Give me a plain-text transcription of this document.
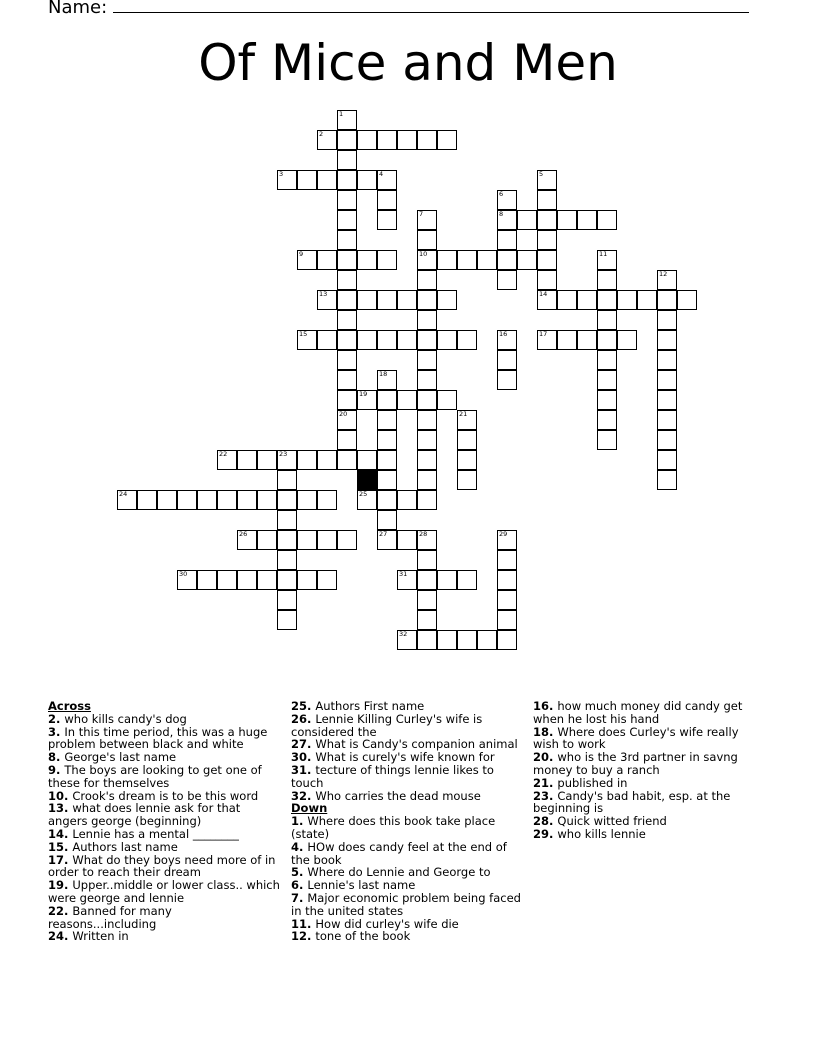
Name:
Of Mice and Men
1
20
2
3	4	5
14
6
8
7
10
9	11
12
13
15	16	17
18
27
19
21
22	23
24	25
26	28	29
30	31
32
Across
2. who kills candy's dog
3. In this time period, this was a huge problem between black and white
8. George's last name
9. The boys are looking to get one of these for themselves
10. Crook's dream is to be this word
13. what does lennie ask for that angers george (beginning)
14. Lennie has a mental ________
15. Authors last name
17. What do they boys need more of in order to reach their dream
19. Upper..middle or lower class.. which were george and lennie
22. Banned for many reasons...including
24. Written in
25. Authors First name
26. Lennie Killing Curley's wife is considered the
27. What is Candy's companion animal
30. What is curely's wife known for
31. tecture of things lennie likes to touch
32. Who carries the dead mouse
Down
1. Where does this book take place (state)
4. HOw does candy feel at the end of the book
5. Where do Lennie and George to
6. Lennie's last name
7. Major economic problem being faced in the united states
11. How did curley's wife die
12. tone of the book
16. how much money did candy get when he lost his hand
18. Where does Curley's wife really wish to work
20. who is the 3rd partner in savng money to buy a ranch
21. published in
23. Candy's bad habit, esp. at the beginning is
28. Quick witted friend
29. who kills lennie
